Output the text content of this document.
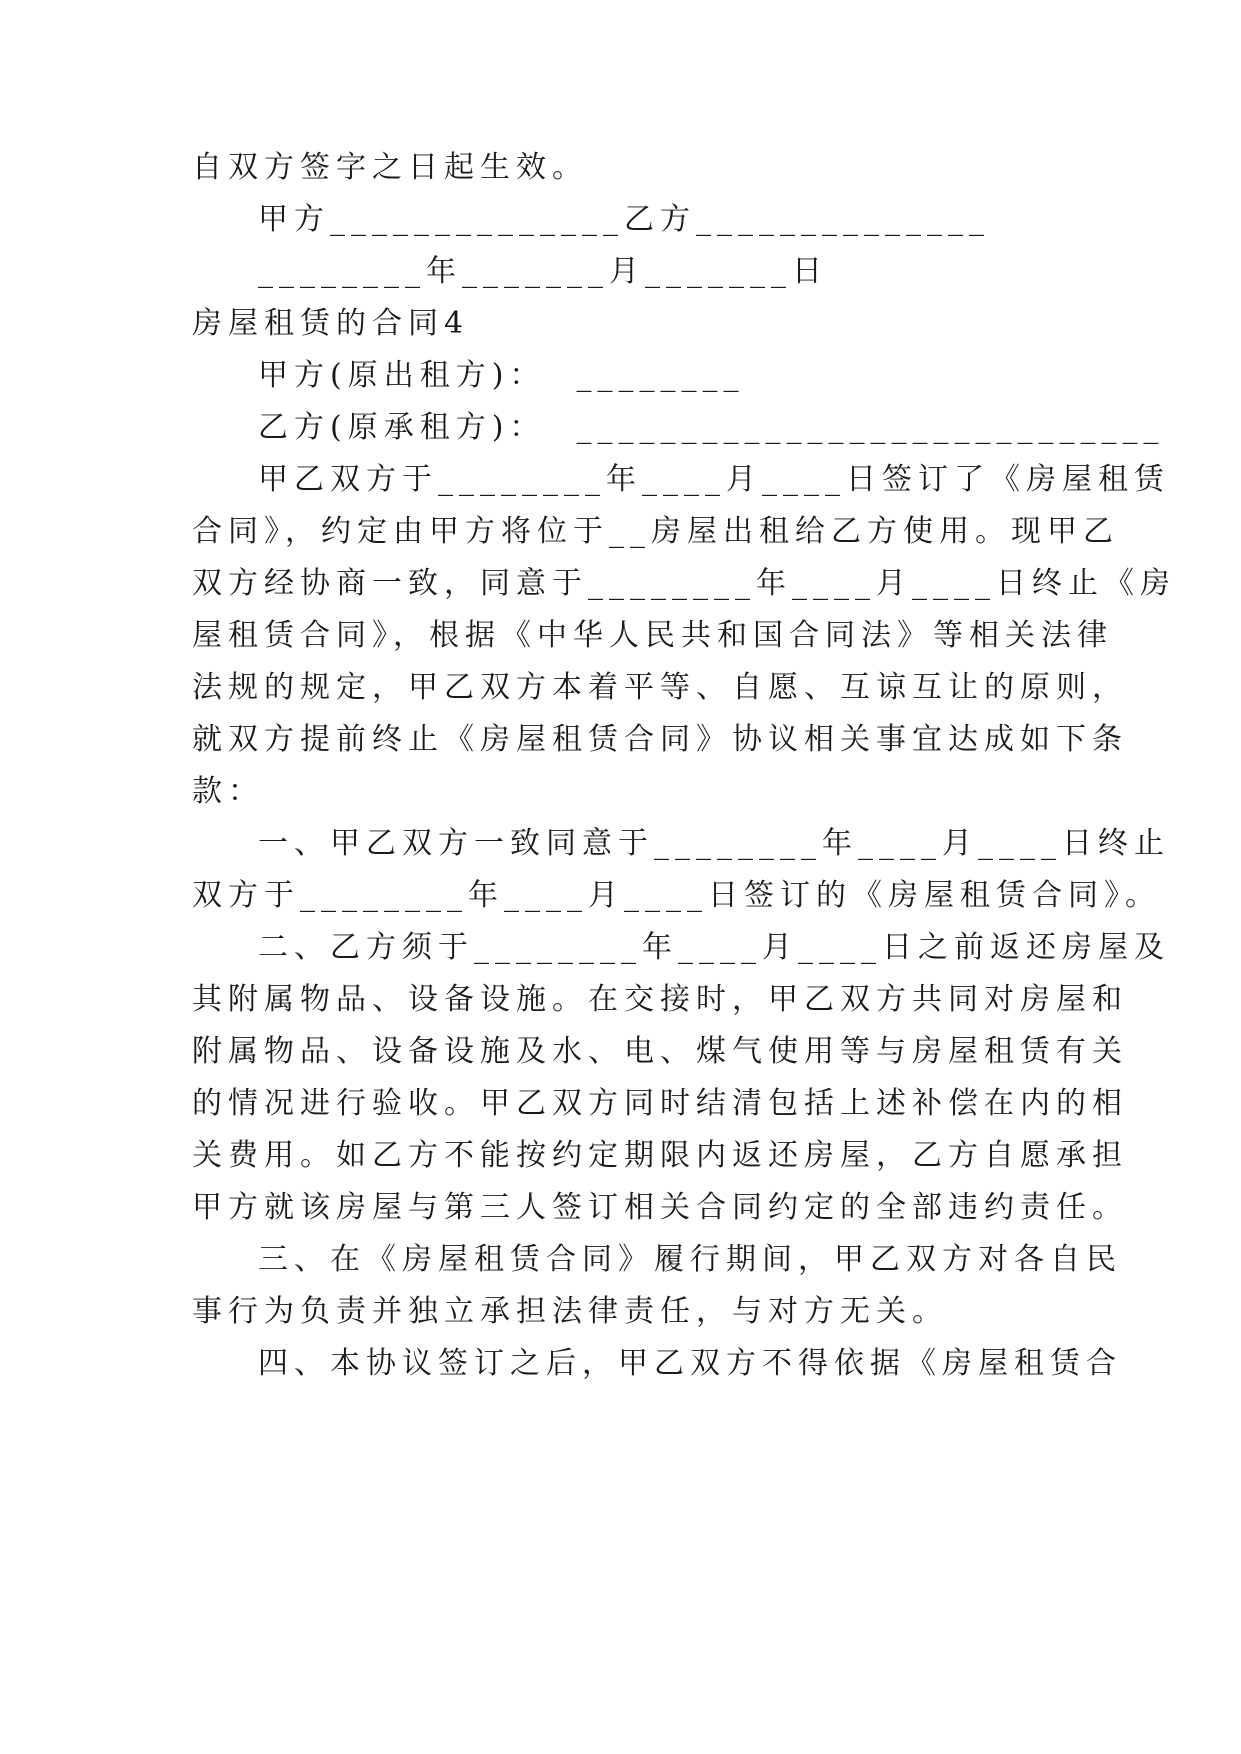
自双方签字之日起生效。
甲方______________乙方______________
________年_______月_______日
房屋租赁的合同4
甲方(原出租方)：  ________
乙方(原承租方)：  ____________________________
甲乙双方于________年____月____日签订了《房屋租赁
合同》，约定由甲方将位于__房屋出租给乙方使用。现甲乙
双方经协商一致，同意于________年____月____日终止《房
屋租赁合同》，根据《中华人民共和国合同法》等相关法律
法规的规定，甲乙双方本着平等、自愿、互谅互让的原则，
就双方提前终止《房屋租赁合同》协议相关事宜达成如下条
款：
一、甲乙双方一致同意于________年____月____日终止
双方于________年____月____日签订的《房屋租赁合同》。
二、乙方须于________年____月____日之前返还房屋及
其附属物品、设备设施。在交接时，甲乙双方共同对房屋和
附属物品、设备设施及水、电、煤气使用等与房屋租赁有关
的情况进行验收。甲乙双方同时结清包括上述补偿在内的相
关费用。如乙方不能按约定期限内返还房屋，乙方自愿承担
甲方就该房屋与第三人签订相关合同约定的全部违约责任。
三、在《房屋租赁合同》履行期间，甲乙双方对各自民
事行为负责并独立承担法律责任，与对方无关。
四、本协议签订之后，甲乙双方不得依据《房屋租赁合
